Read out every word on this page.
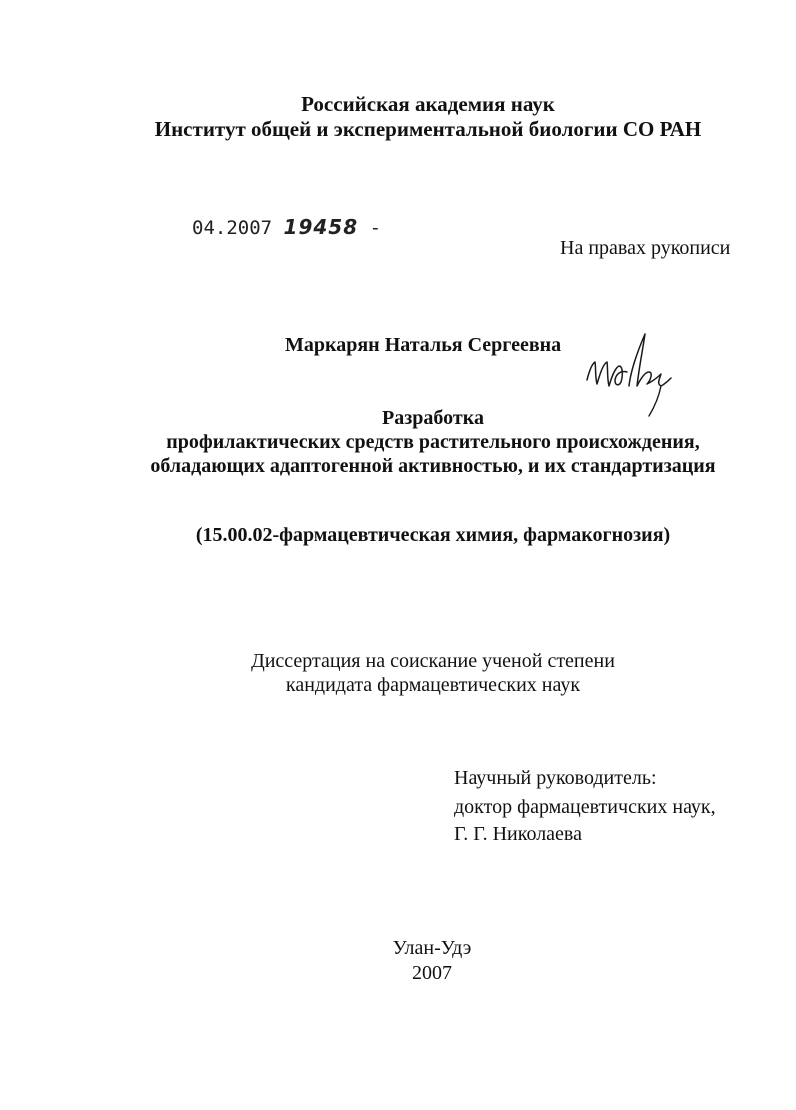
Российская академия наук
Институт общей и экспериментальной биологии СО РАН
04.2007 19458 -
На правах рукописи
Маркарян Наталья Сергеевна
Разработка
профилактических средств растительного происхождения,
обладающих адаптогенной активностью, и их стандартизация
(15.00.02-фармацевтическая химия, фармакогнозия)
Диссертация на соискание ученой степени
кандидата фармацевтических наук
Научный руководитель:
доктор фармацевтичских наук,
Г. Г. Николаева
Улан-Удэ
2007
